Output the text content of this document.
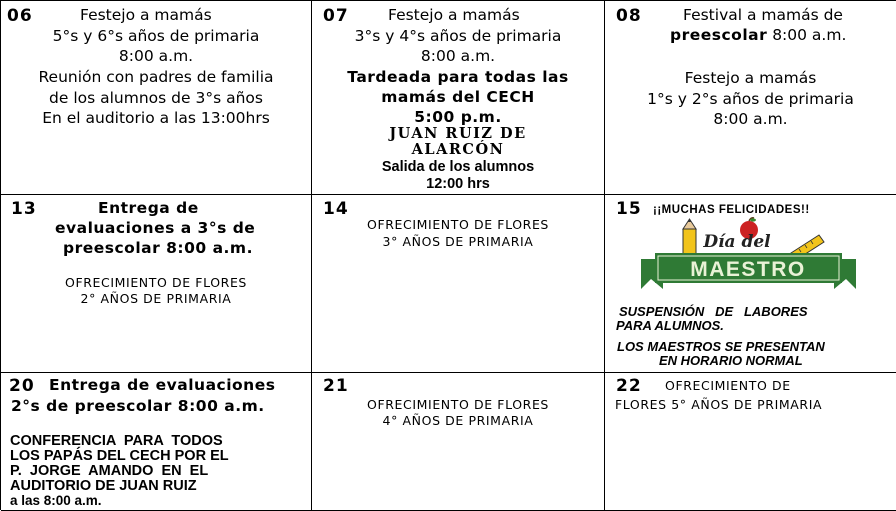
06	Festejo a mamás
5°s y 6°s años de primaria
8:00 a.m.
Reunión con padres de familia
de los alumnos de 3°s años
En el auditorio a las 13:00hrs
07	Festejo a mamás
3°s y 4°s años de primaria
8:00 a.m.
Tardeada para todas las
mamás del CECH
5:00 p.m.
JUAN RUIZ DE
ALARCÓN
Salida de los alumnos
12:00 hrs
08	Festival a mamás de
preescolar 8:00 a.m.
Festejo a mamás
1°s y 2°s años de primaria
8:00 a.m.
13	Entrega de
evaluaciones a 3°s de
preescolar 8:00 a.m.
OFRECIMIENTO DE FLORES
2° AÑOS DE PRIMARIA
14
OFRECIMIENTO DE FLORES
3° AÑOS DE PRIMARIA
15 ¡¡MUCHAS FELICIDADES!!
Día del
MAESTRO
SUSPENSIÓN   DE   LABORES
PARA ALUMNOS.
LOS MAESTROS SE PRESENTAN
EN HORARIO NORMAL
20 Entrega de evaluaciones
2°s de preescolar 8:00 a.m.
CONFERENCIA  PARA  TODOS
LOS PAPÁS DEL CECH POR EL
P.  JORGE  AMANDO  EN  EL
AUDITORIO DE JUAN RUIZ
a las 8:00 a.m.
21
OFRECIMIENTO DE FLORES
4° AÑOS DE PRIMARIA
22 OFRECIMIENTO DE
FLORES 5° AÑOS DE PRIMARIA
